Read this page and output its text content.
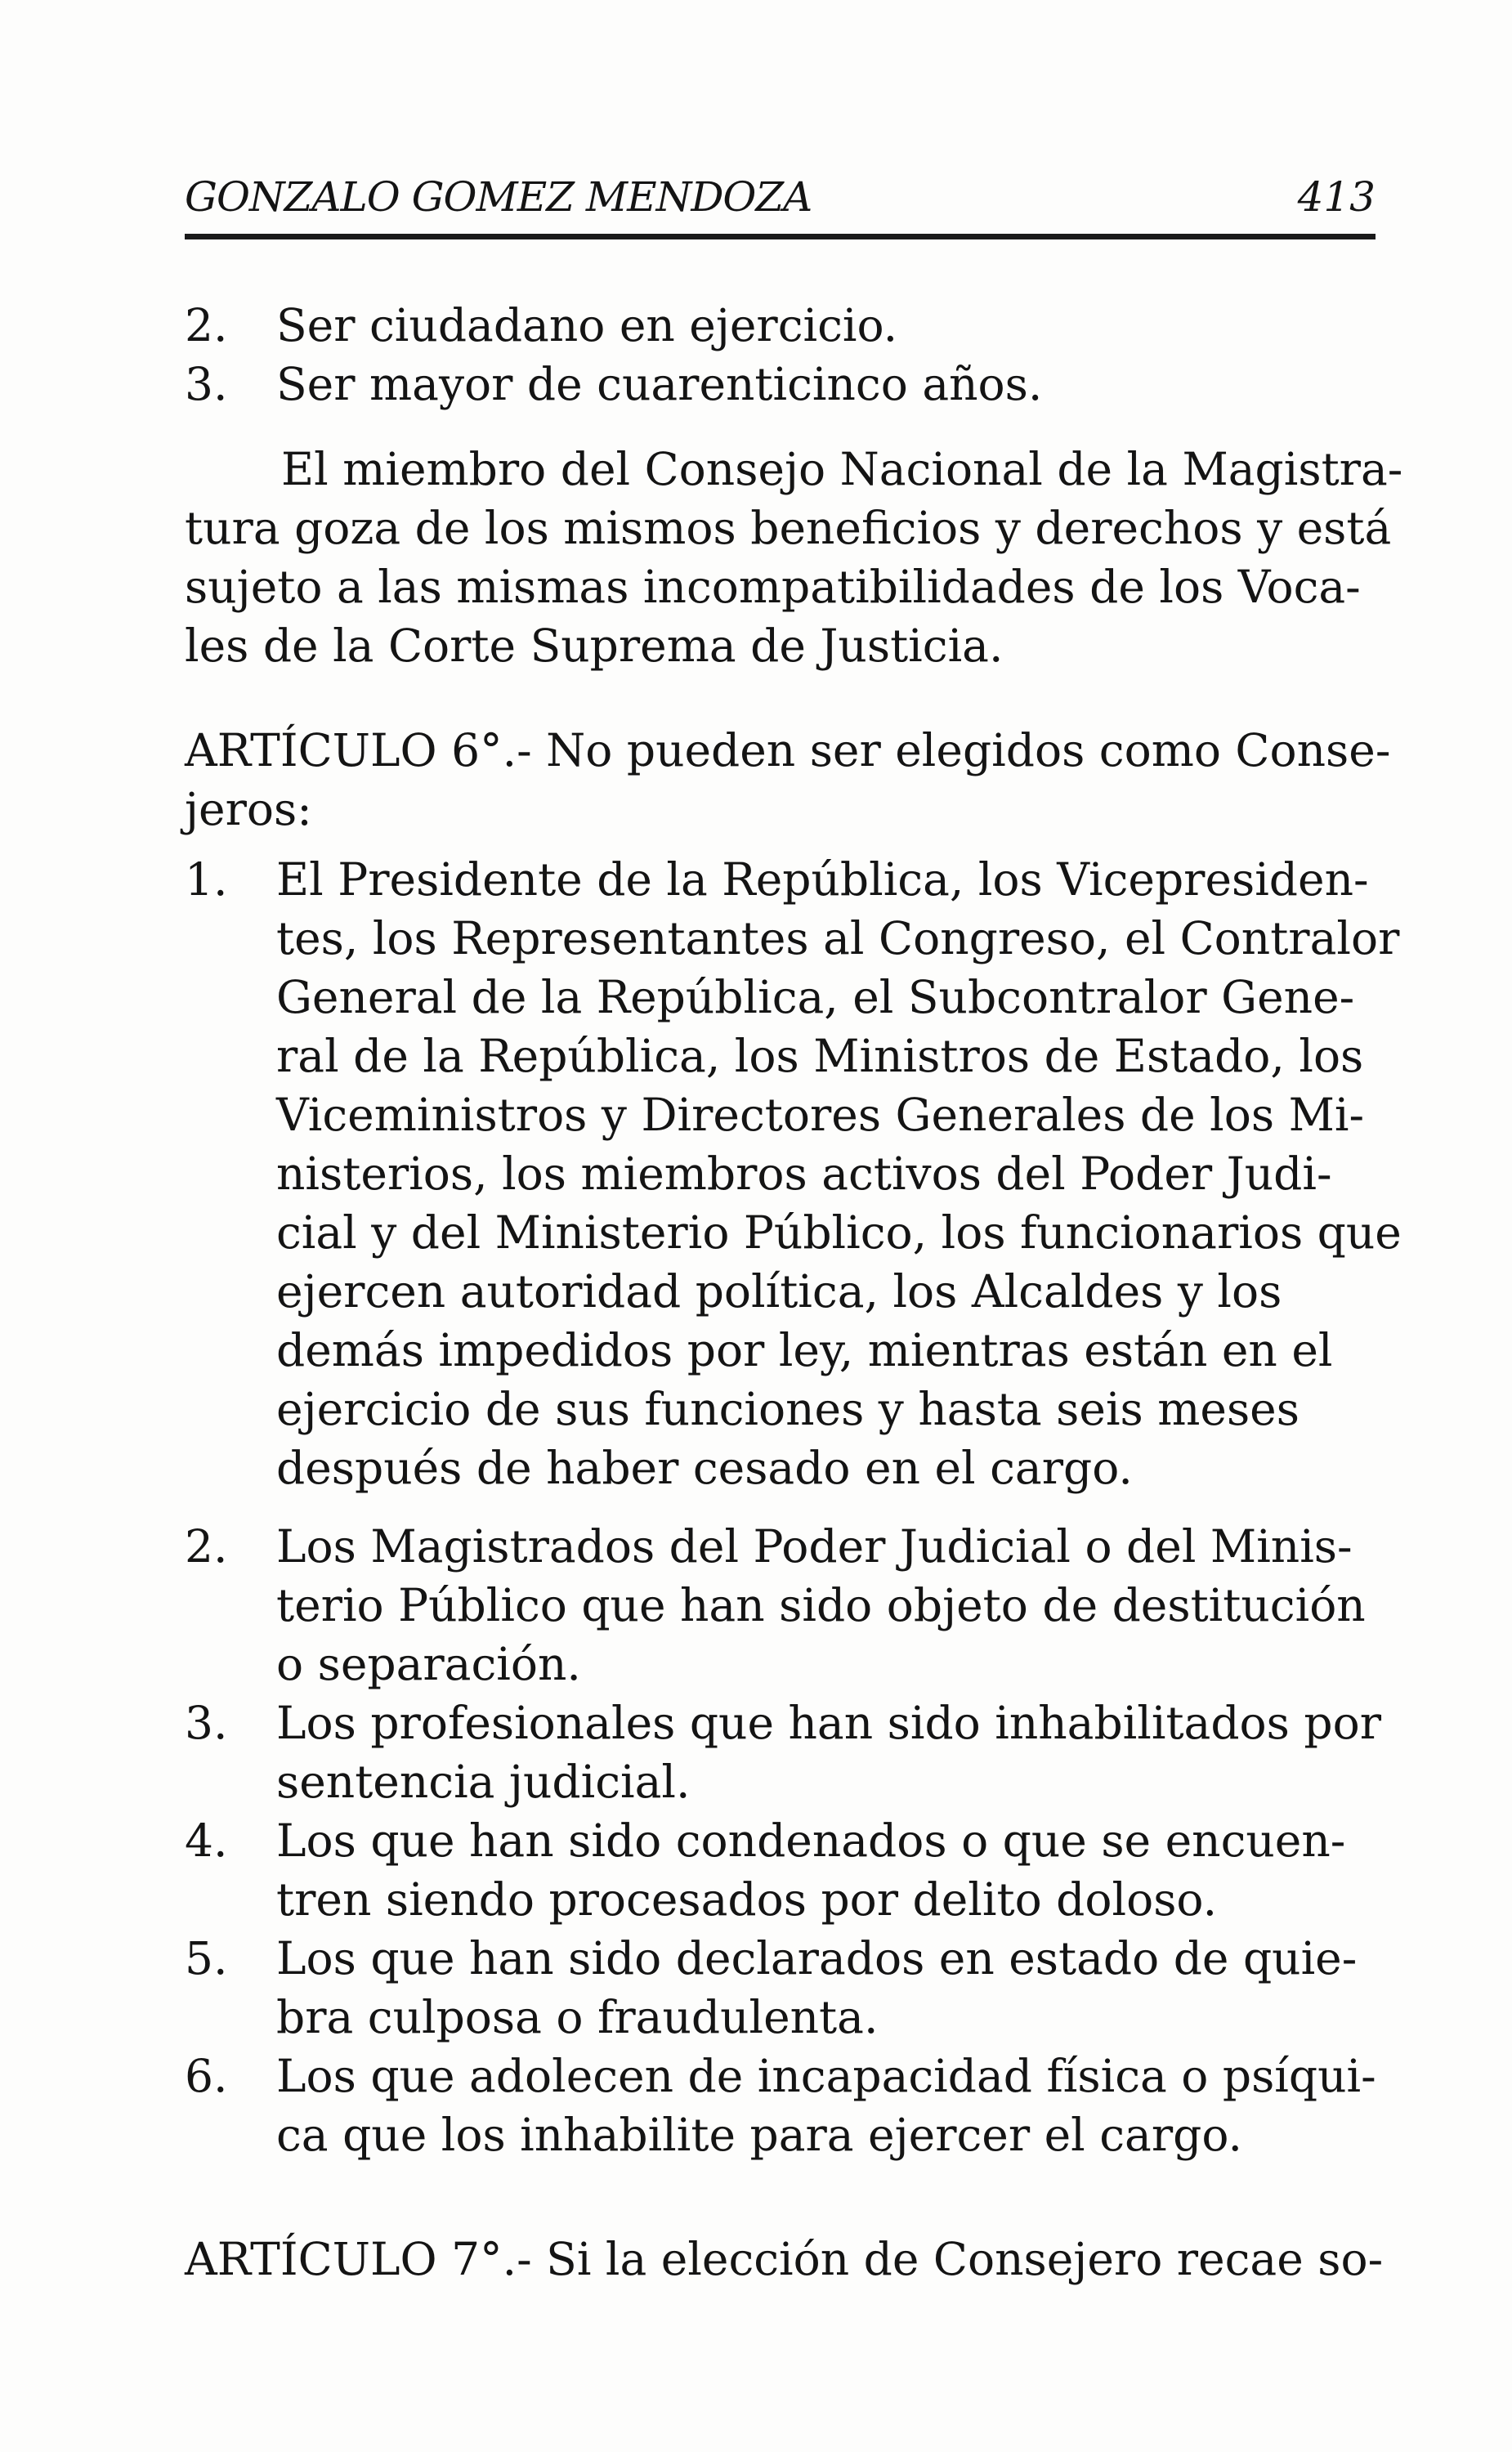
GONZALO GOMEZ MENDOZA	413
2.	Ser ciudadano en ejercicio.
3.	Ser mayor de cuarenticinco años.
El miembro del Consejo Nacional de la Magistra-
tura goza de los mismos beneficios y derechos y está
sujeto a las mismas incompatibilidades de los Voca-
les de la Corte Suprema de Justicia.
ARTÍCULO 6°.- No pueden ser elegidos como Conse-
jeros:
1.	El Presidente de la República, los Vicepresiden-
tes, los Representantes al Congreso, el Contralor
General de la República, el Subcontralor Gene-
ral de la República, los Ministros de Estado, los
Viceministros y Directores Generales de los Mi-
nisterios, los miembros activos del Poder Judi-
cial y del Ministerio Público, los funcionarios que
ejercen autoridad política, los Alcaldes y los
demás impedidos por ley, mientras están en el
ejercicio de sus funciones y hasta seis meses
después de haber cesado en el cargo.
2.	Los Magistrados del Poder Judicial o del Minis-
terio Público que han sido objeto de destitución
o separación.
3.	Los profesionales que han sido inhabilitados por
sentencia judicial.
4.	Los que han sido condenados o que se encuen-
tren siendo procesados por delito doloso.
5.	Los que han sido declarados en estado de quie-
bra culposa o fraudulenta.
6.	Los que adolecen de incapacidad física o psíqui-
ca que los inhabilite para ejercer el cargo.
ARTÍCULO 7°.- Si la elección de Consejero recae so-
